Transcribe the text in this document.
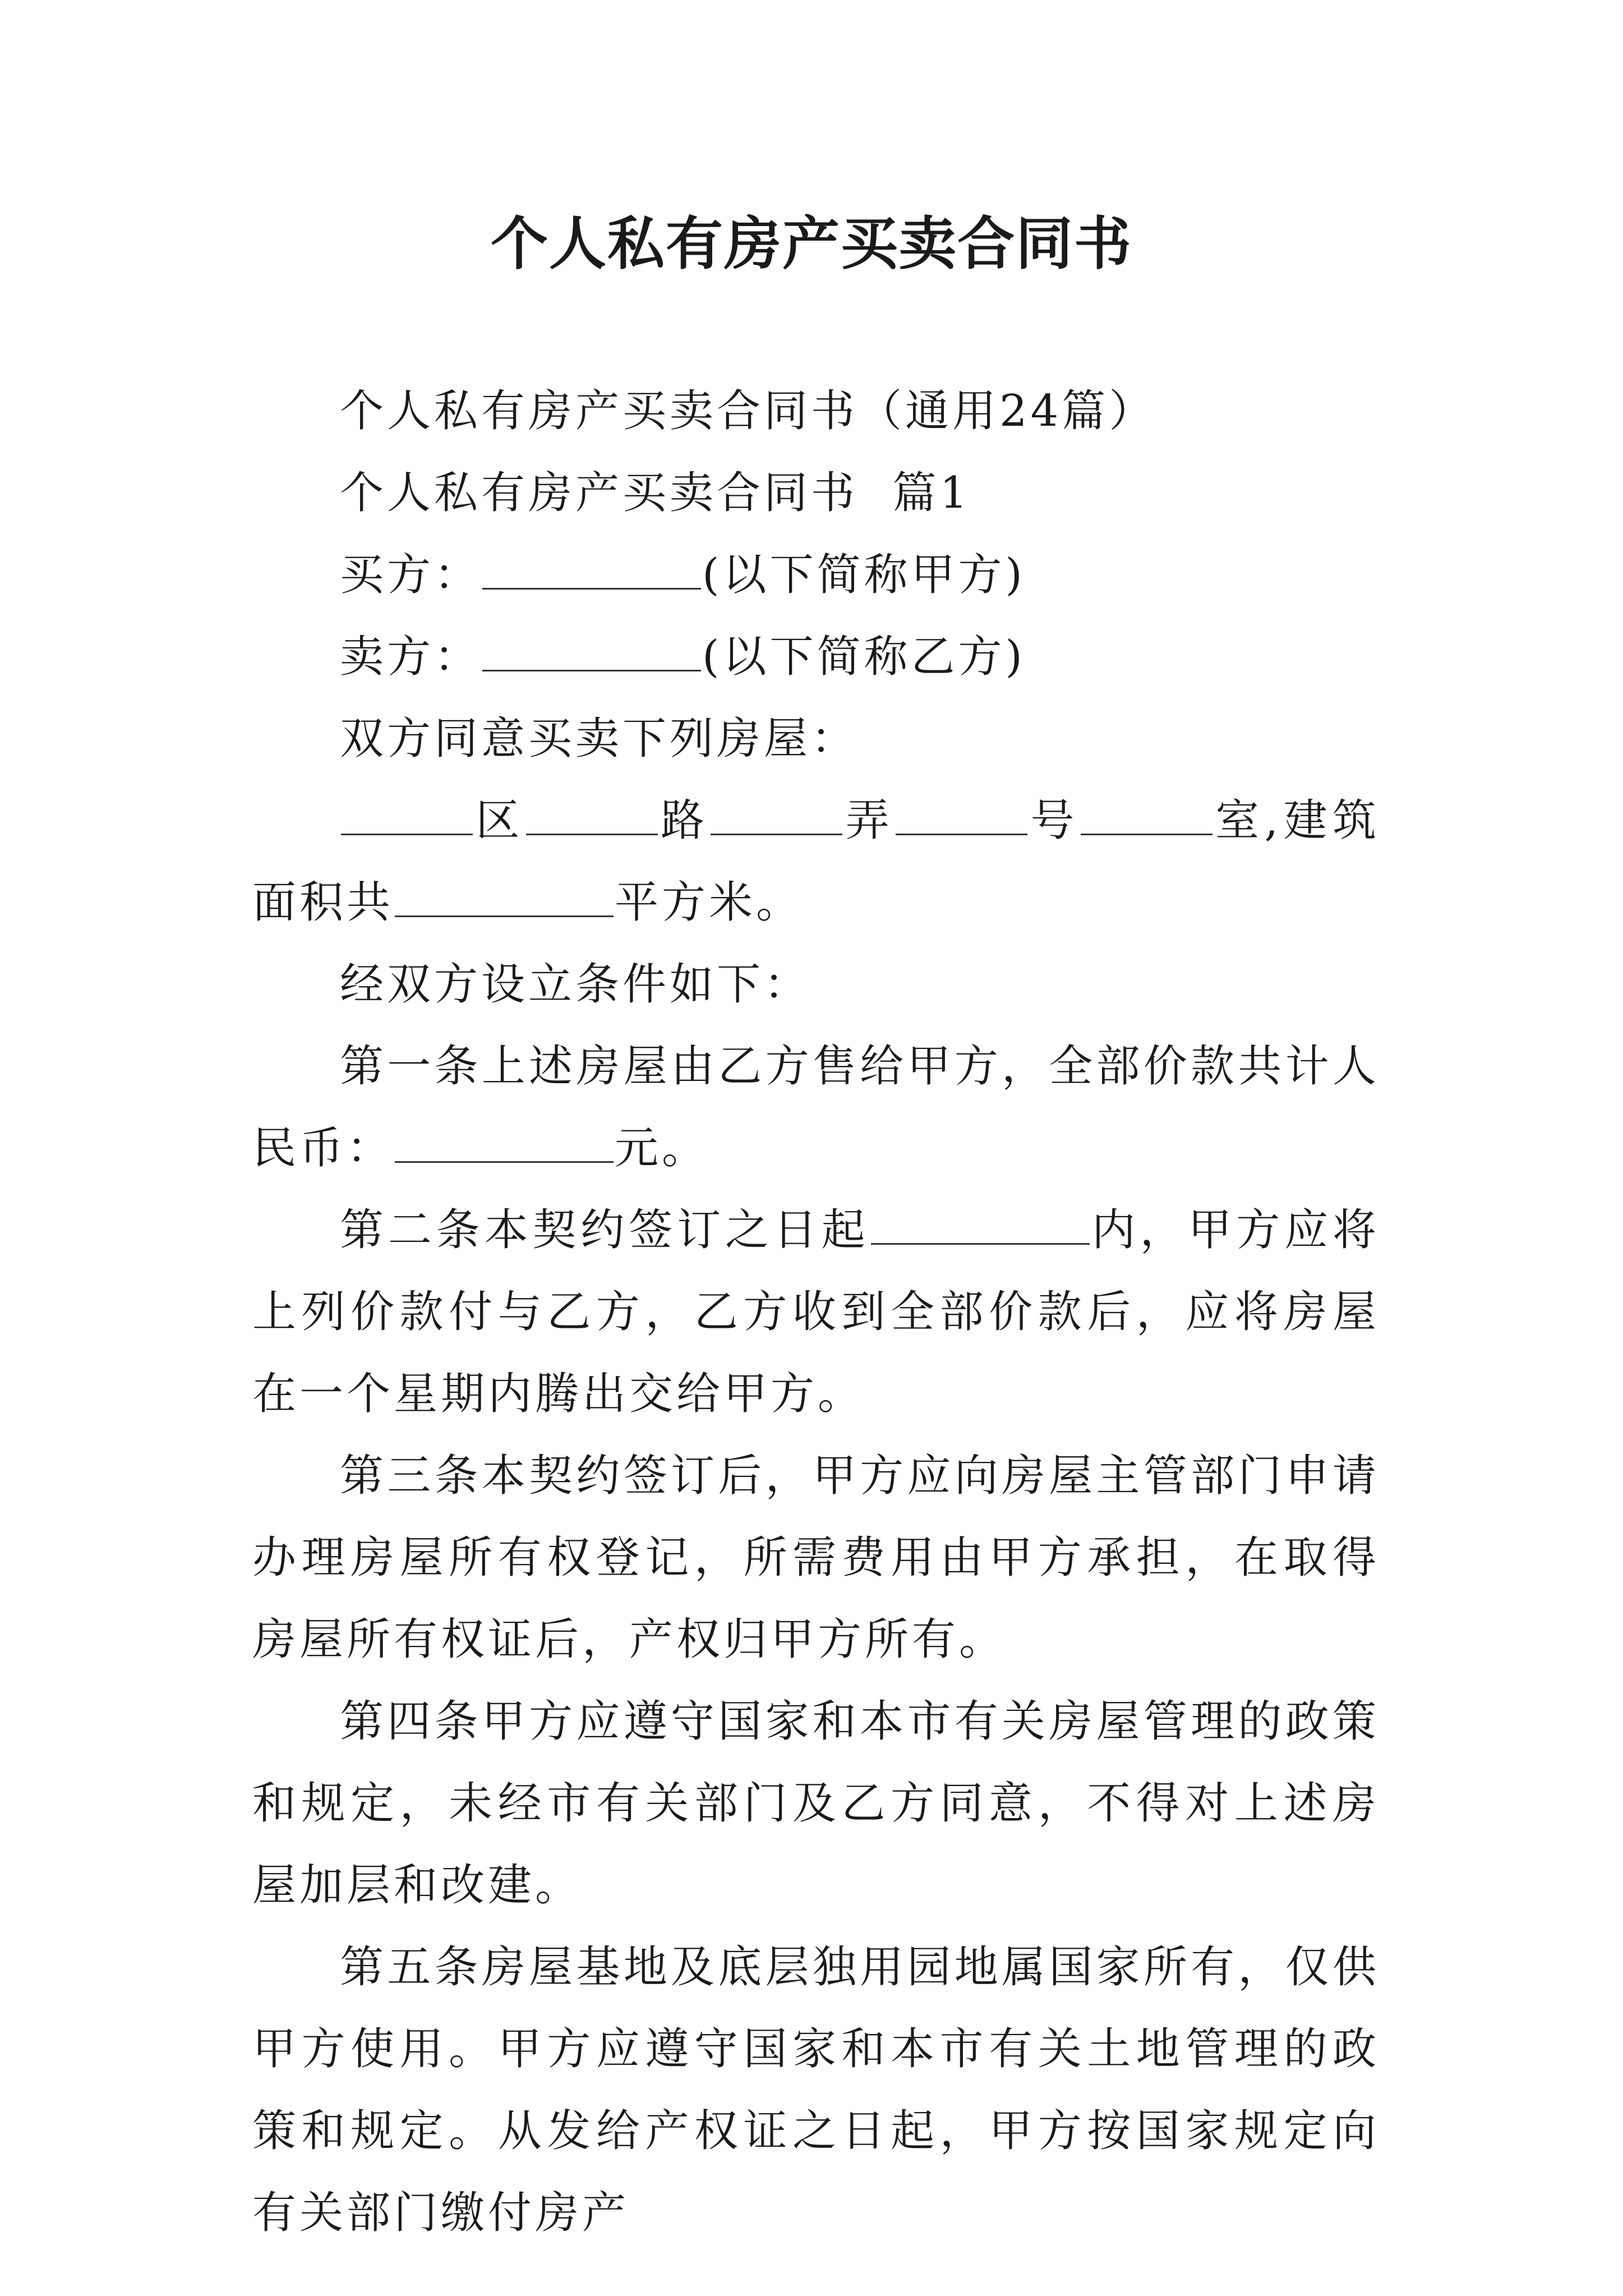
个人私有房产买卖合同书

个人私有房产买卖合同书（通用24篇）

个人私有房产买卖合同书  篇1

买方：	(以下简称甲方)

卖方：	(以下简称乙方)

双方同意买卖下列房屋：

区	路	弄	号	室,建筑面积共	平方米。

经双方设立条件如下：

第一条上述房屋由乙方售给甲方，全部价款共计人民币：	元。

第二条本契约签订之日起	内，甲方应将上列价款付与乙方，乙方收到全部价款后，应将房屋在一个星期内腾出交给甲方。

第三条本契约签订后，甲方应向房屋主管部门申请办理房屋所有权登记，所需费用由甲方承担，在取得房屋所有权证后，产权归甲方所有。

第四条甲方应遵守国家和本市有关房屋管理的政策和规定，未经市有关部门及乙方同意，不得对上述房屋加层和改建。

第五条房屋基地及底层独用园地属国家所有，仅供甲方使用。甲方应遵守国家和本市有关土地管理的政策和规定。从发给产权证之日起，甲方按国家规定向有关部门缴付房产
